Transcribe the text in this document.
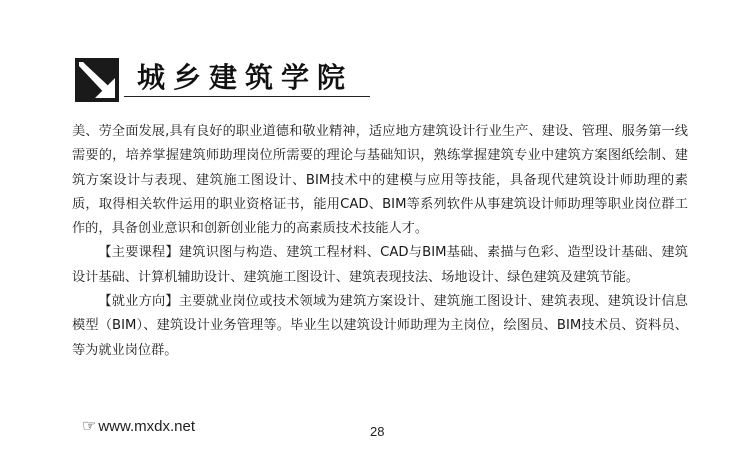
城乡建筑学院

美、劳全面发展,具有良好的职业道德和敬业精神，适应地方建筑设计行业生产、建设、管理、服务第一线需要的，培养掌握建筑师助理岗位所需要的理论与基础知识，熟练掌握建筑专业中建筑方案图纸绘制、建筑方案设计与表现、建筑施工图设计、BIM技术中的建模与应用等技能，具备现代建筑设计师助理的素质，取得相关软件运用的职业资格证书，能用CAD、BIM等系列软件从事建筑设计师助理等职业岗位群工作的，具备创业意识和创新创业能力的高素质技术技能人才。

【主要课程】建筑识图与构造、建筑工程材料、CAD与BIM基础、素描与色彩、造型设计基础、建筑设计基础、计算机辅助设计、建筑施工图设计、建筑表现技法、场地设计、绿色建筑及建筑节能。

【就业方向】主要就业岗位或技术领域为建筑方案设计、建筑施工图设计、建筑表现、建筑设计信息模型（BIM）、建筑设计业务管理等。毕业生以建筑设计师助理为主岗位，绘图员、BIM技术员、资料员、等为就业岗位群。

☞ www.mxdx.net	28
